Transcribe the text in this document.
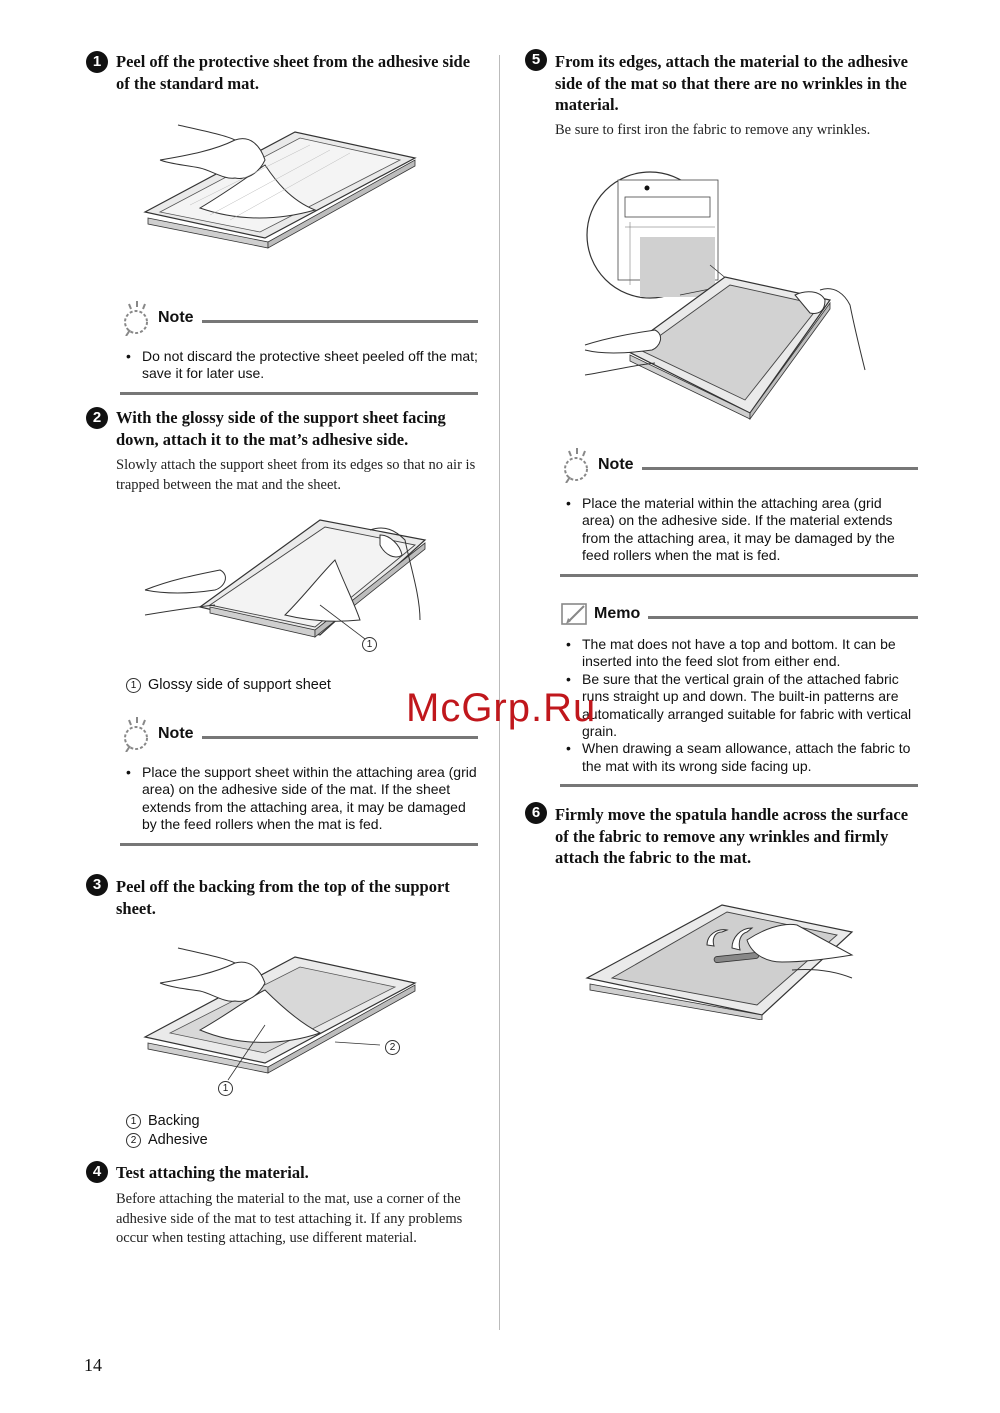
1 Peel off the protective sheet from the adhesive side of the standard mat.
Note
• Do not discard the protective sheet peeled off the mat; save it for later use.
2 With the glossy side of the support sheet facing down, attach it to the mat’s adhesive side.
Slowly attach the support sheet from its edges so that no air is trapped between the mat and the sheet.
1
1 Glossy side of support sheet
Note
• Place the support sheet within the attaching area (grid area) on the adhesive side of the mat. If the sheet extends from the attaching area, it may be damaged by the feed rollers when the mat is fed.
3 Peel off the backing from the top of the support sheet.
1
2
1 Backing
2 Adhesive
4 Test attaching the material.
Before attaching the material to the mat, use a corner of the adhesive side of the mat to test attaching it. If any problems occur when testing attaching, use different material.
5 From its edges, attach the material to the adhesive side of the mat so that there are no wrinkles in the material.
Be sure to first iron the fabric to remove any wrinkles.
Note
• Place the material within the attaching area (grid area) on the adhesive side. If the material extends from the attaching area, it may be damaged by the feed rollers when the mat is fed.
Memo
• The mat does not have a top and bottom. It can be inserted into the feed slot from either end.
• Be sure that the vertical grain of the attached fabric runs straight up and down. The built-in patterns are automatically arranged suitable for fabric with vertical grain.
• When drawing a seam allowance, attach the fabric to the mat with its wrong side facing up.
6 Firmly move the spatula handle across the surface of the fabric to remove any wrinkles and firmly attach the fabric to the mat.
McGrp.Ru
14
